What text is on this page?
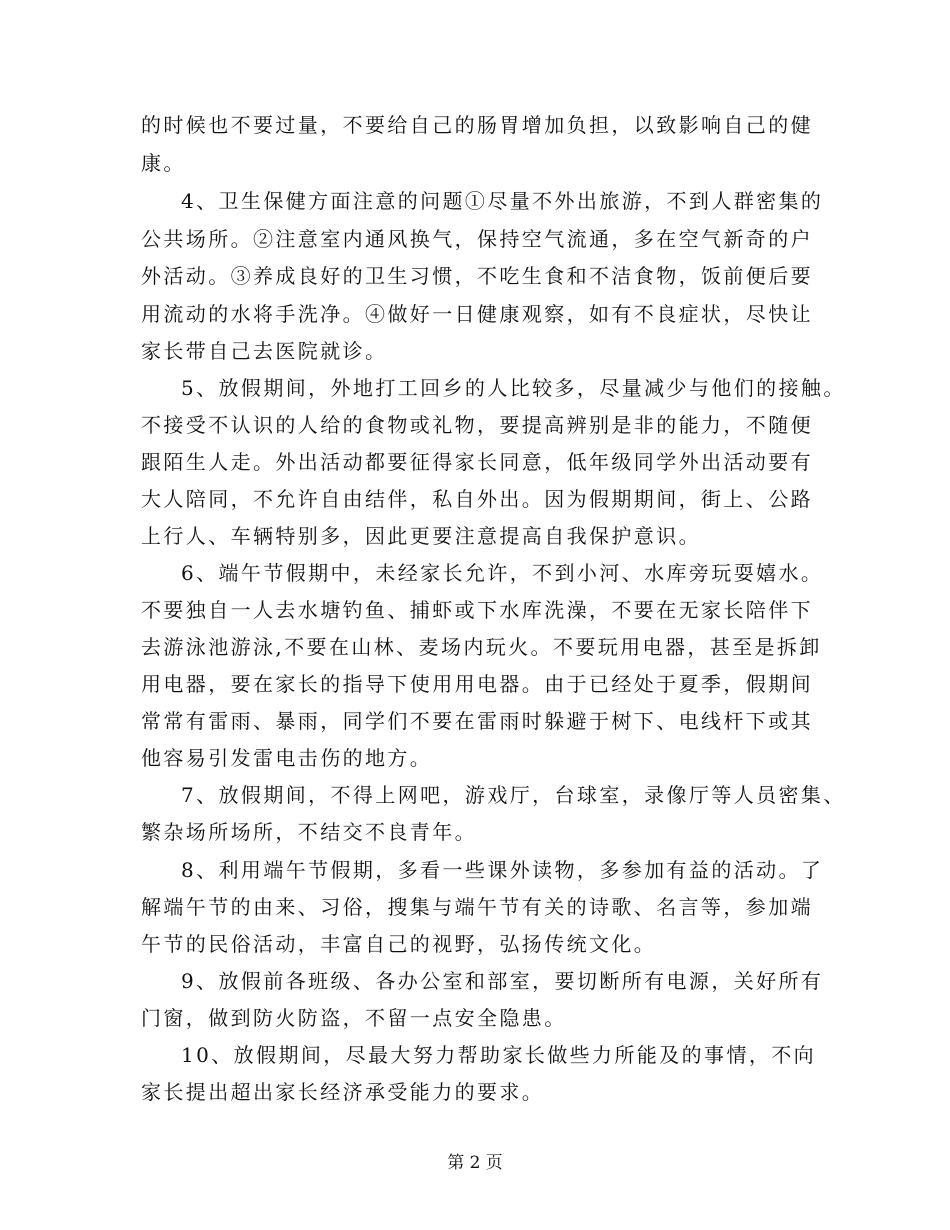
的时候也不要过量，不要给自己的肠胃增加负担，以致影响自己的健
康。
4、卫生保健方面注意的问题①尽量不外出旅游，不到人群密集的
公共场所。②注意室内通风换气，保持空气流通，多在空气新奇的户
外活动。③养成良好的卫生习惯，不吃生食和不洁食物，饭前便后要
用流动的水将手洗净。④做好一日健康观察，如有不良症状，尽快让
家长带自己去医院就诊。
5、放假期间，外地打工回乡的人比较多，尽量减少与他们的接触。
不接受不认识的人给的食物或礼物，要提高辨别是非的能力，不随便
跟陌生人走。外出活动都要征得家长同意，低年级同学外出活动要有
大人陪同，不允许自由结伴，私自外出。因为假期期间，街上、公路
上行人、车辆特别多，因此更要注意提高自我保护意识。
6、端午节假期中，未经家长允许，不到小河、水库旁玩耍嬉水。
不要独自一人去水塘钓鱼、捕虾或下水库洗澡，不要在无家长陪伴下
去游泳池游泳,不要在山林、麦场内玩火。不要玩用电器，甚至是拆卸
用电器，要在家长的指导下使用用电器。由于已经处于夏季，假期间
常常有雷雨、暴雨，同学们不要在雷雨时躲避于树下、电线杆下或其
他容易引发雷电击伤的地方。
7、放假期间，不得上网吧，游戏厅，台球室，录像厅等人员密集、
繁杂场所场所，不结交不良青年。
8、利用端午节假期，多看一些课外读物，多参加有益的活动。了
解端午节的由来、习俗，搜集与端午节有关的诗歌、名言等，参加端
午节的民俗活动，丰富自己的视野，弘扬传统文化。
9、放假前各班级、各办公室和部室，要切断所有电源，关好所有
门窗，做到防火防盗，不留一点安全隐患。
10、放假期间，尽最大努力帮助家长做些力所能及的事情，不向
家长提出超出家长经济承受能力的要求。
第 2 页
